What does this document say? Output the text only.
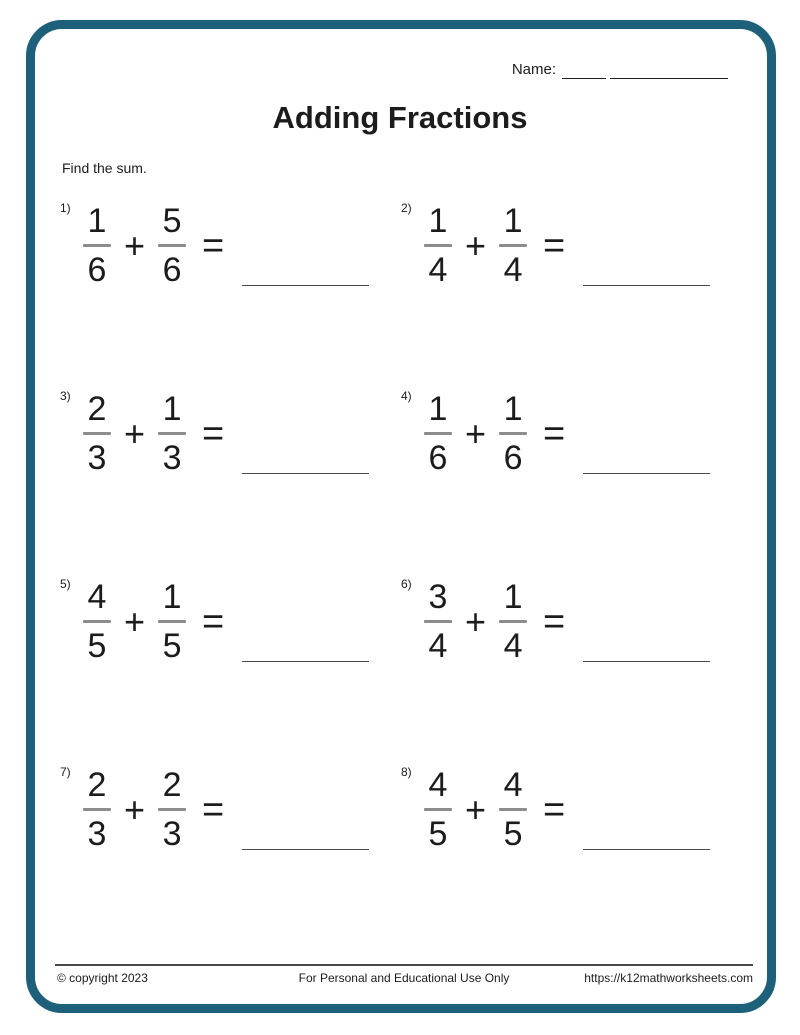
Name:
Adding Fractions
Find the sum.
$1) \frac{1}{6} + \frac{5}{6}$ =
$2) \frac{1}{4} + \frac{1}{4}$ =
$3) \frac{2}{3} + \frac{1}{3}$ =
$4) \frac{1}{6} + \frac{1}{6}$ =
$5) \frac{4}{5} + \frac{1}{5}$ =
$6) \frac{3}{4} + \frac{1}{4}$ =
$7) \frac{2}{3} + \frac{2}{3}$ =
$8) \frac{4}{5} + \frac{4}{5}$ =
© copyright 2023	For Personal and Educational Use Only	https://k12mathworksheets.com
